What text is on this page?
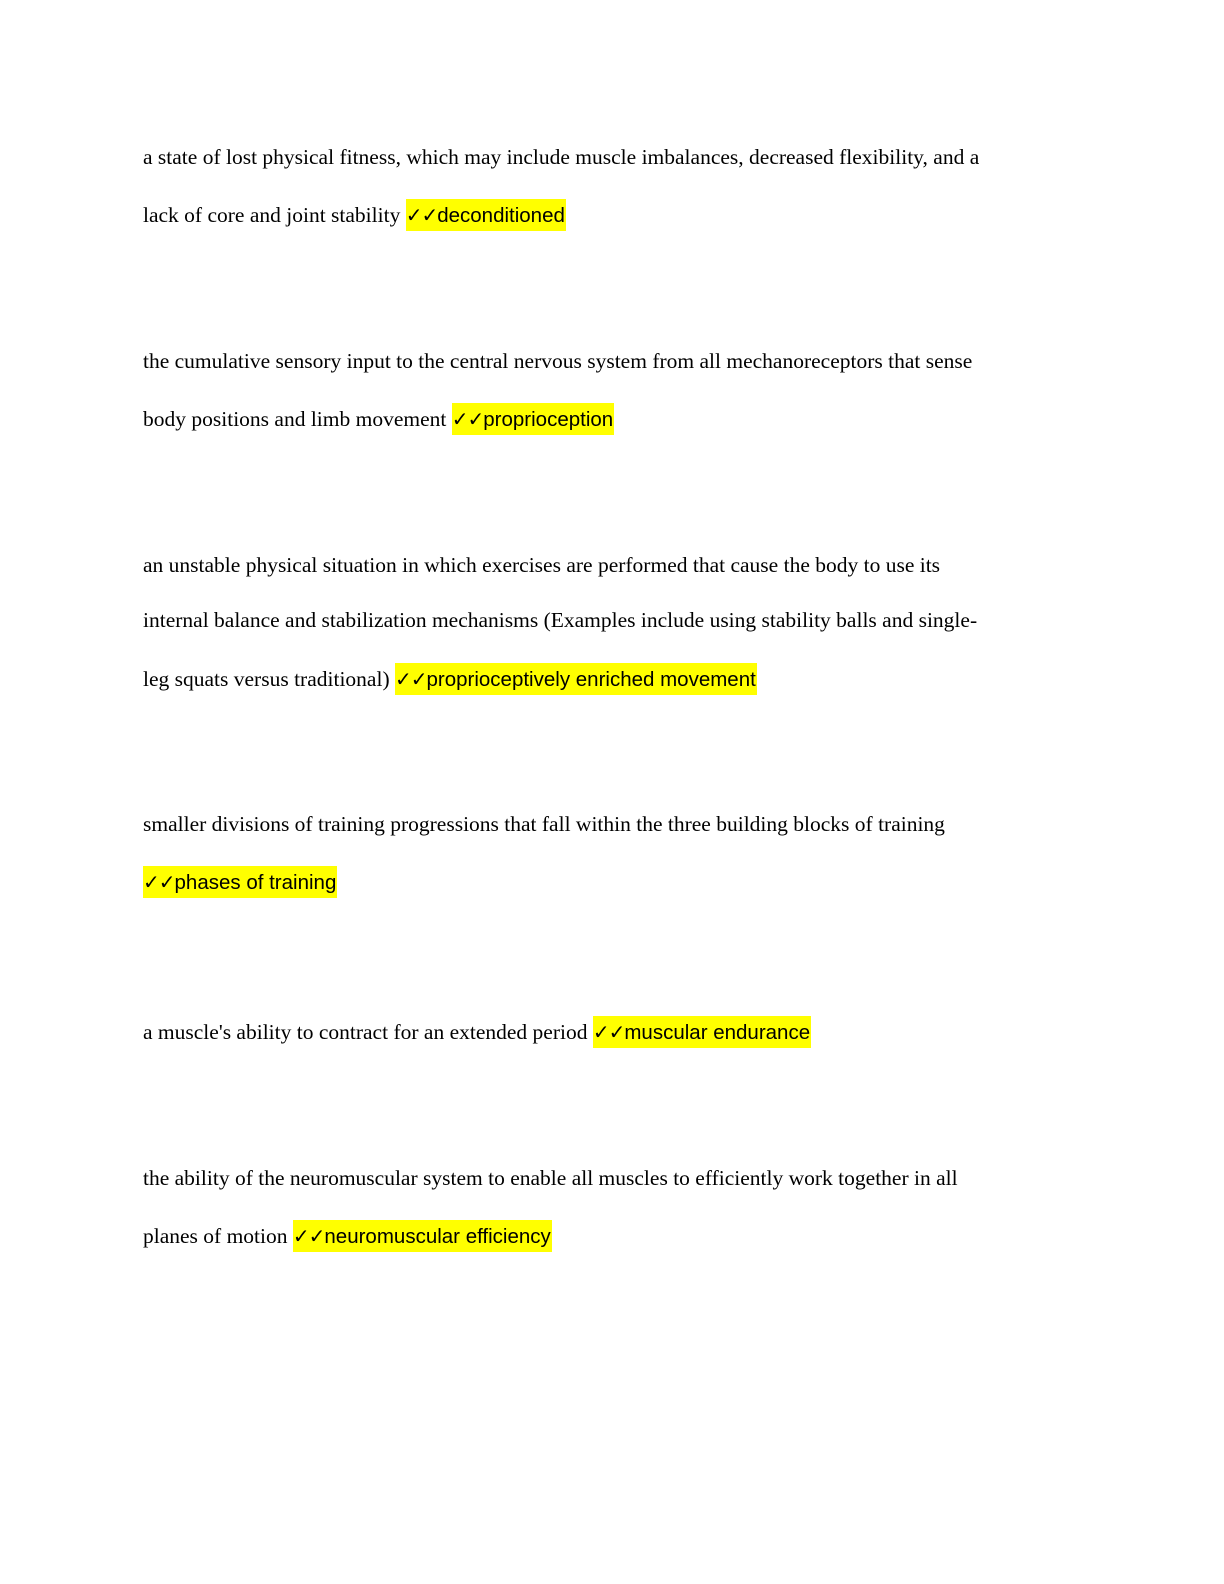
a state of lost physical fitness, which may include muscle imbalances, decreased flexibility, and a
lack of core and joint stability ✓✓deconditioned
the cumulative sensory input to the central nervous system from all mechanoreceptors that sense
body positions and limb movement ✓✓proprioception
an unstable physical situation in which exercises are performed that cause the body to use its
internal balance and stabilization mechanisms (Examples include using stability balls and single-
leg squats versus traditional) ✓✓proprioceptively enriched movement
smaller divisions of training progressions that fall within the three building blocks of training
✓✓phases of training
a muscle's ability to contract for an extended period ✓✓muscular endurance
the ability of the neuromuscular system to enable all muscles to efficiently work together in all
planes of motion ✓✓neuromuscular efficiency
